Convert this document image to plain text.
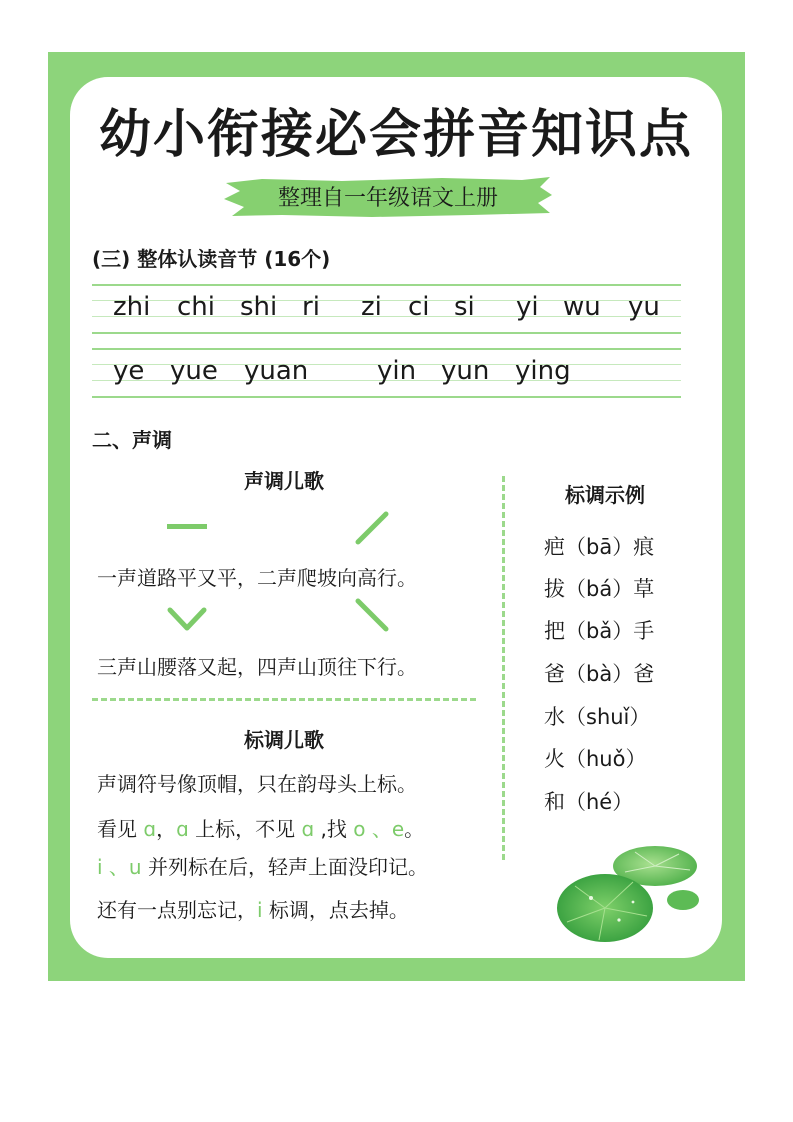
幼小衔接必会拼音知识点
整理自一年级语文上册
(三) 整体认读音节 (16个)
zhi chi shi ri zi ci si yi wu yu
ye yue yuan	yin yun ying
二、声调
声调儿歌
一声道路平又平，二声爬坡向高行。
三声山腰落又起，四声山顶往下行。
标调儿歌
声调符号像顶帽，只在韵母头上标。
看见 ɑ，ɑ 上标，不见 ɑ ,找 o 、e。
i 、u 并列标在后，轻声上面没印记。
还有一点别忘记，i 标调，点去掉。
标调示例
疤（bā）痕
拔（bá）草
把（bǎ）手
爸（bà）爸
水（shuǐ）
火（huǒ）
和（hé）
